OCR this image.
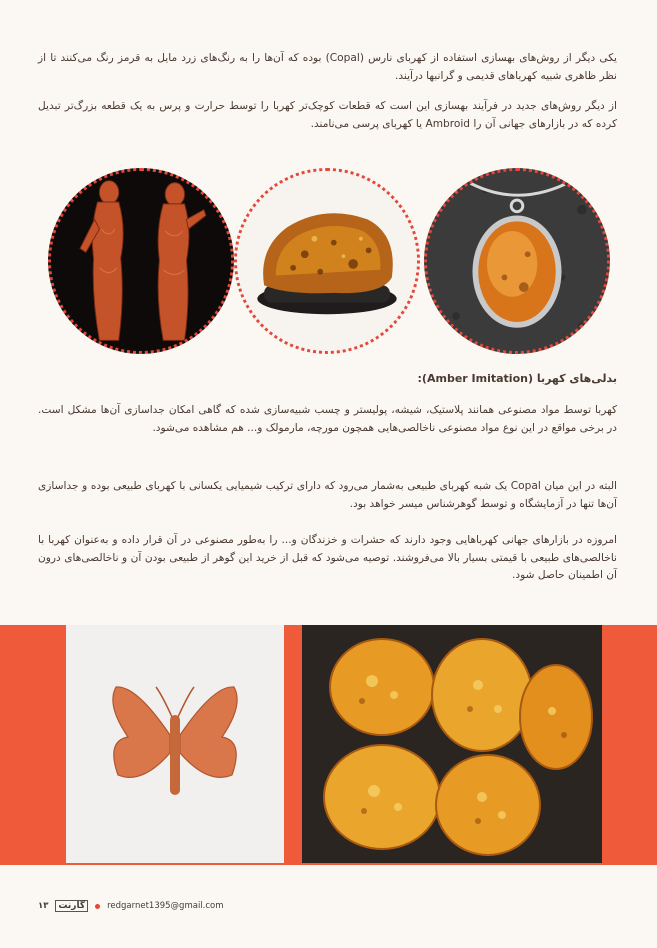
یکی دیگر از روش‌های بهسازی استفاده از کهربای نارس (Copal) بوده که آن‌ها را به رنگ‌های زرد مایل به قرمز رنگ می‌کنند تا از نظر ظاهری شبیه کهرباهای قدیمی و گرانبها درآیند.

از دیگر روش‌های جدید در فرآیند بهسازی این است که قطعات کوچک‌تر کهربا را توسط حرارت و پرس به یک قطعه بزرگ‌تر تبدیل کرده که در بازارهای جهانی آن را Ambroid یا کهربای پرسی می‌نامند.

بدلی‌های کهربا (Amber Imitation):

کهربا توسط مواد مصنوعی همانند پلاستیک، شیشه، پولیستر و چسب شبیه‌سازی شده که گاهی امکان جداسازی آن‌ها مشکل است. در برخی مواقع در این نوع مواد مصنوعی ناخالصی‌هایی همچون مورچه، مارمولک و... هم مشاهده می‌شود.

البته در این میان Copal یک شبه کهربای طبیعی به‌شمار می‌رود که دارای ترکیب شیمیایی یکسانی با کهربای طبیعی بوده و جداسازی آن‌ها تنها در آزمایشگاه و توسط گوهرشناس میسر خواهد بود.

امروزه در بازارهای جهانی کهرباهایی وجود دارند که حشرات و خزندگان و... را به‌طور مصنوعی در آن قرار داده و به‌عنوان کهربا با ناخالصی‌های طبیعی با قیمتی بسیار بالا می‌فروشند. توصیه می‌شود که قبل از خرید این گوهر از طبیعی بودن آن و ناخالصی‌های درون آن اطمینان حاصل شود.

۱۳	گارنت	redgarnet1395@gmail.com
